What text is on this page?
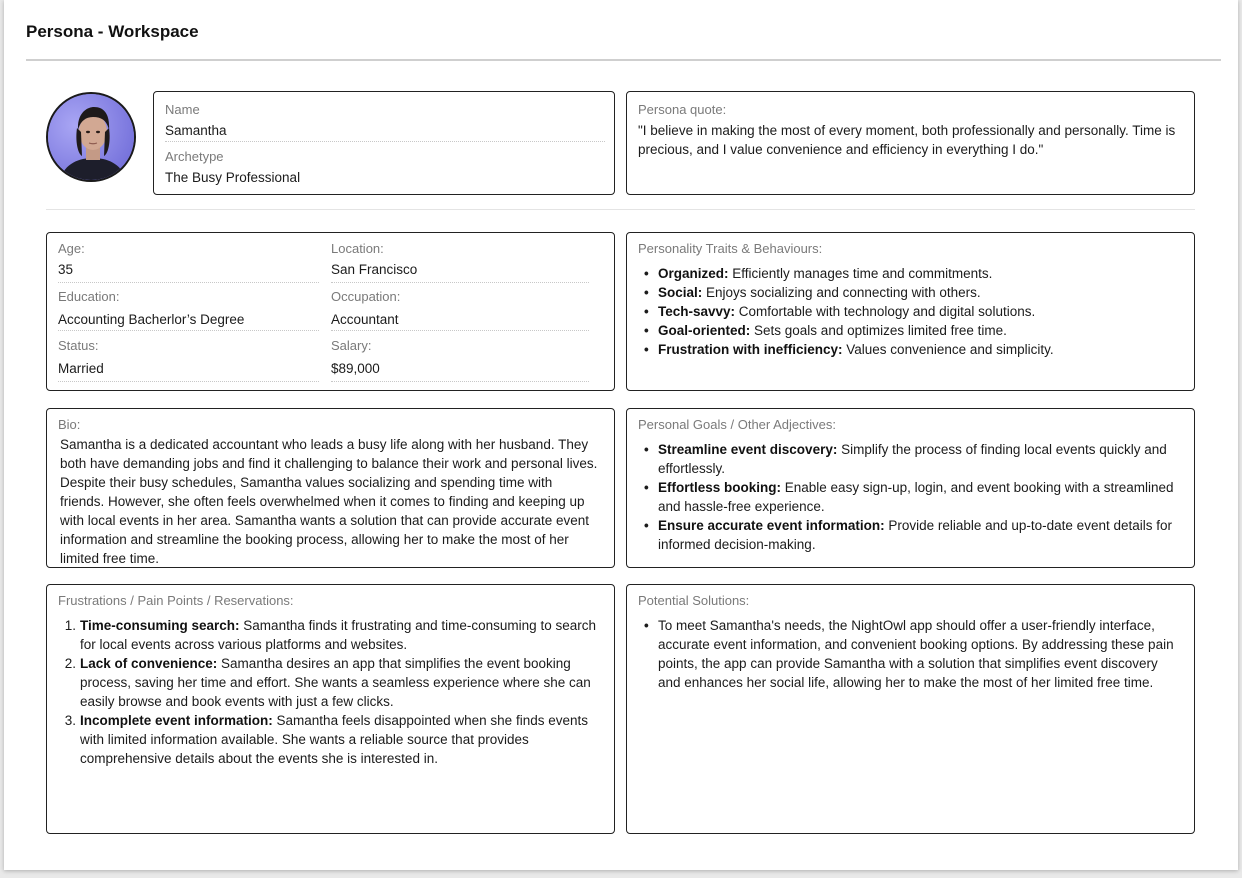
Persona - Workspace
Name
Samantha
Archetype
The Busy Professional
Persona quote:
"I believe in making the most of every moment, both professionally and personally. Time is precious, and I value convenience and efficiency in everything I do."
Age:
35
Location:
San Francisco
Education:
Accounting Bacherlor’s Degree
Occupation:
Accountant
Status:
Married
Salary:
$89,000
Personality Traits & Behaviours:
• Organized: Efficiently manages time and commitments.
• Social: Enjoys socializing and connecting with others.
• Tech-savvy: Comfortable with technology and digital solutions.
• Goal-oriented: Sets goals and optimizes limited free time.
• Frustration with inefficiency: Values convenience and simplicity.
Bio:
Samantha is a dedicated accountant who leads a busy life along with her husband. They both have demanding jobs and find it challenging to balance their work and personal lives. Despite their busy schedules, Samantha values socializing and spending time with friends. However, she often feels overwhelmed when it comes to finding and keeping up with local events in her area. Samantha wants a solution that can provide accurate event information and streamline the booking process, allowing her to make the most of her limited free time.
Personal Goals / Other Adjectives:
• Streamline event discovery: Simplify the process of finding local events quickly and effortlessly.
• Effortless booking: Enable easy sign-up, login, and event booking with a streamlined and hassle-free experience.
• Ensure accurate event information: Provide reliable and up-to-date event details for informed decision-making.
Frustrations / Pain Points / Reservations:
1. Time-consuming search: Samantha finds it frustrating and time-consuming to search for local events across various platforms and websites.
2. Lack of convenience: Samantha desires an app that simplifies the event booking process, saving her time and effort. She wants a seamless experience where she can easily browse and book events with just a few clicks.
3. Incomplete event information: Samantha feels disappointed when she finds events with limited information available. She wants a reliable source that provides comprehensive details about the events she is interested in.
Potential Solutions:
• To meet Samantha's needs, the NightOwl app should offer a user-friendly interface, accurate event information, and convenient booking options. By addressing these pain points, the app can provide Samantha with a solution that simplifies event discovery and enhances her social life, allowing her to make the most of her limited free time.
